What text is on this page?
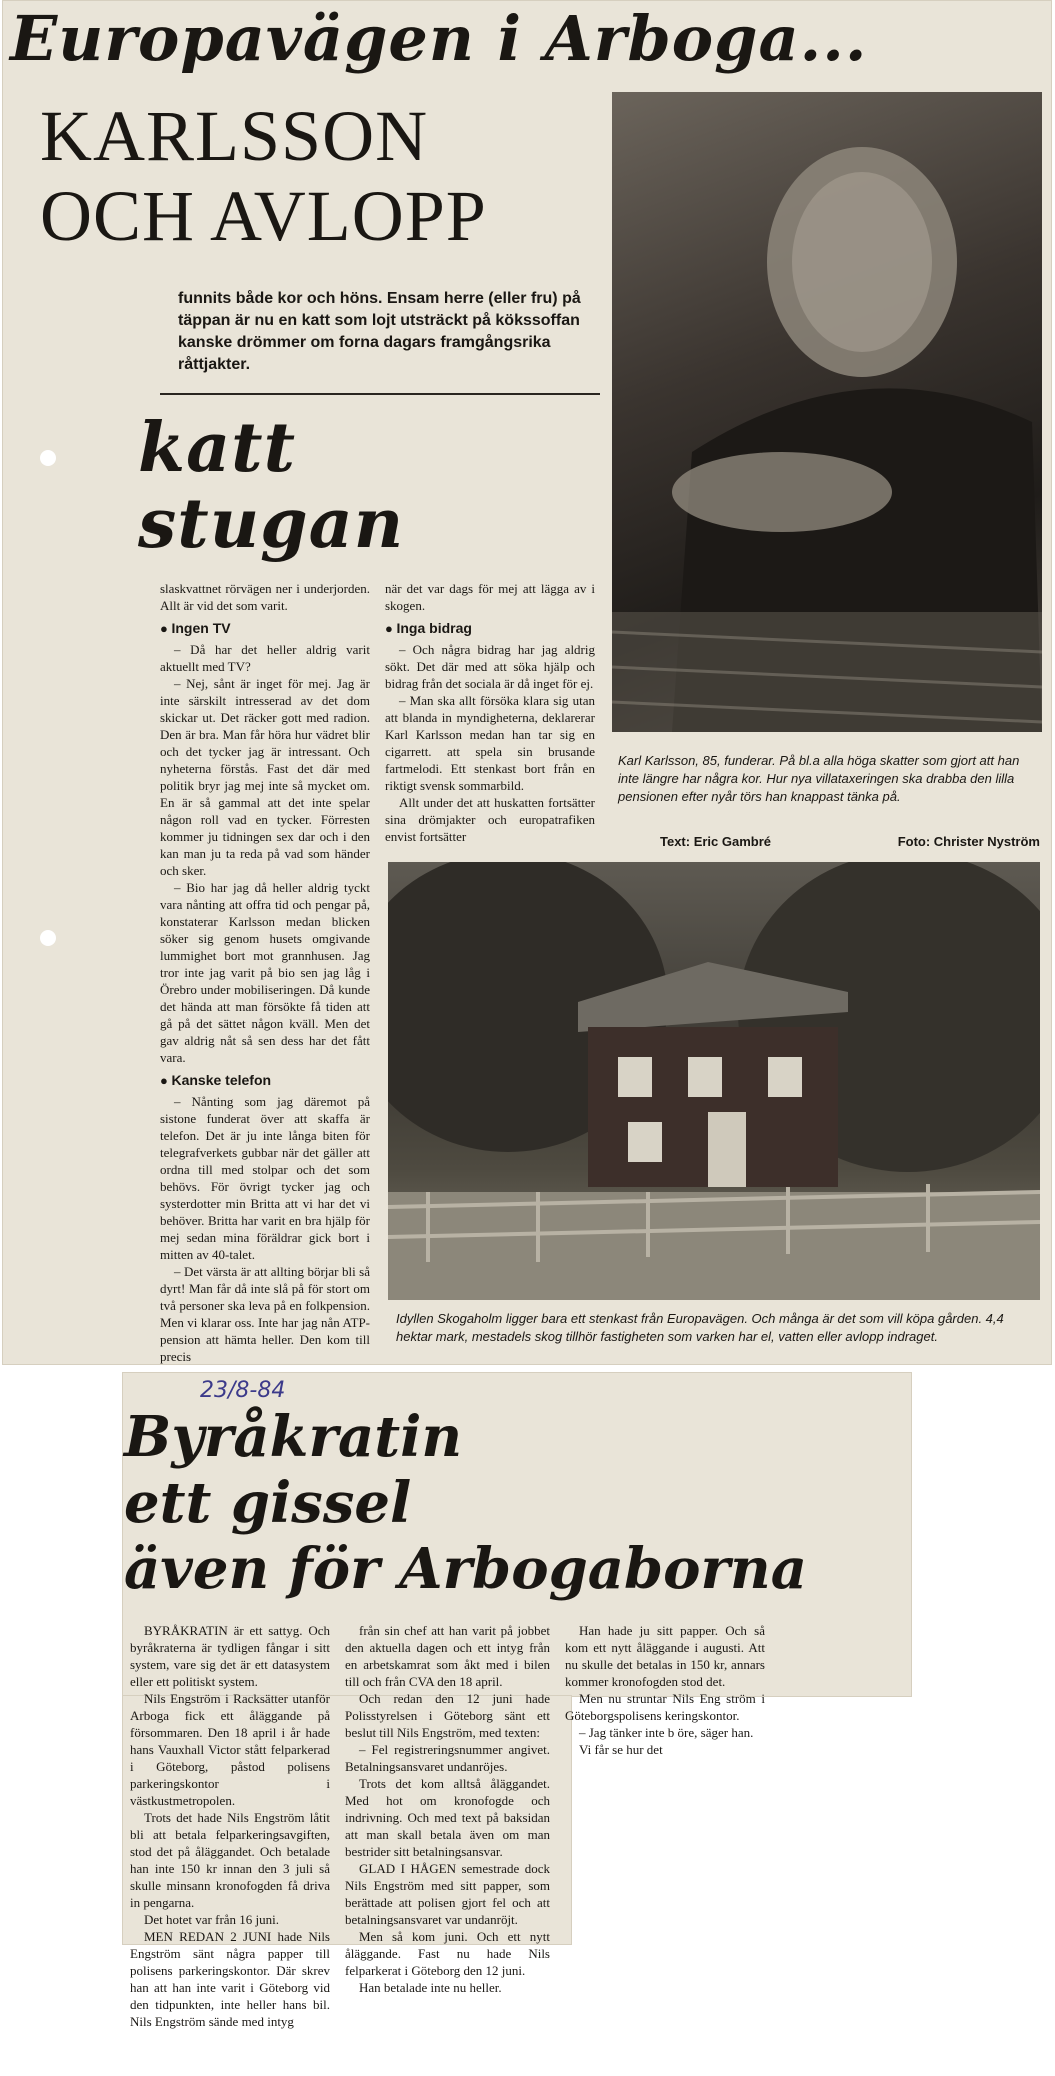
Europavägen i Arboga...
KARLSSON
OCH AVLOPP
funnits både kor och höns. Ensam herre (eller fru) på täppan är nu en katt som lojt utsträckt på kökssoffan kanske drömmer om forna dagars framgångsrika råttjakter.
katt
stugan
Karl Karlsson, 85, funderar. På bl.a alla höga skatter som gjort att han inte längre har några kor. Hur nya villataxeringen ska drabba den lilla pensionen efter nyår törs han knappast tänka på.
Text: Eric Gambré	Foto: Christer Nyström

slaskvattnet rörvägen ner i underjorden. Allt är vid det som varit.

● Ingen TV

– Då har det heller aldrig varit aktuellt med TV?

– Nej, sånt är inget för mej. Jag är inte särskilt intresserad av det dom skickar ut. Det räcker gott med radion. Den är bra. Man får höra hur vädret blir och det tycker jag är intressant. Och nyheterna förstås. Fast det där med politik bryr jag mej inte så mycket om. En är så gammal att det inte spelar någon roll vad en tycker. Förresten kommer ju tidningen sex dar och i den kan man ju ta reda på vad som händer och sker.

– Bio har jag då heller aldrig tyckt vara nånting att offra tid och pengar på, konstaterar Karlsson medan blicken söker sig genom husets omgivande lummighet bort mot grannhusen. Jag tror inte jag varit på bio sen jag låg i Örebro under mobiliseringen. Då kunde det hända att man försökte få tiden att gå på det sättet någon kväll. Men det gav aldrig nåt så sen dess har det fått vara.

● Kanske telefon

– Nånting som jag däremot på sistone funderat över att skaffa är telefon. Det är ju inte långa biten för telegrafverkets gubbar när det gäller att ordna till med stolpar och det som behövs. För övrigt tycker jag och systerdotter min Britta att vi har det vi behöver. Britta har varit en bra hjälp för mej sedan mina föräldrar gick bort i mitten av 40-talet.

– Det värsta är att allting börjar bli så dyrt! Man får då inte slå på för stort om två personer ska leva på en folkpension. Men vi klarar oss. Inte har jag nån ATP-pension att hämta heller. Den kom till precis

när det var dags för mej att lägga av i skogen.

● Inga bidrag

– Och några bidrag har jag aldrig sökt. Det där med att söka hjälp och bidrag från det sociala är då inget för ej.

– Man ska allt försöka klara sig utan att blanda in myndigheterna, deklarerar Karl Karlsson medan han tar sig en cigarrett. att spela sin brusande fartmelodi. Ett stenkast bort från en riktigt svensk sommarbild.

Allt under det att huskatten fortsätter sina drömjakter och europatrafiken envist fortsätter

Idyllen Skogaholm ligger bara ett stenkast från Europavägen. Och många är det som vill köpa gården. 4,4 hektar mark, mestadels skog tillhör fastigheten som varken har el, vatten eller avlopp indraget.
23/8-84
Byråkratin
ett gissel
även för Arbogaborna

BYRÅKRATIN är ett sattyg. Och byråkraterna är tydligen fångar i sitt system, vare sig det är ett datasystem eller ett politiskt system.

Nils Engström i Racksätter utanför Arboga fick ett åläggande på försommaren. Den 18 april i år hade hans Vauxhall Victor stått felparkerad i Göteborg, påstod polisens parkeringskontor i västkustmetropolen.

Trots det hade Nils Engström låtit bli att betala felparkeringsavgiften, stod det på åläggandet. Och betalade han inte 150 kr innan den 3 juli så skulle minsann kronofogden få driva in pengarna.

Det hotet var från 16 juni.

MEN REDAN 2 JUNI hade Nils Engström sänt några papper till polisens parkeringskontor. Där skrev han att han inte varit i Göteborg vid den tidpunkten, inte heller hans bil. Nils Engström sände med intyg

från sin chef att han varit på jobbet den aktuella dagen och ett intyg från en arbetskamrat som åkt med i bilen till och från CVA den 18 april.

Och redan den 12 juni hade Polisstyrelsen i Göteborg sänt ett beslut till Nils Engström, med texten:

– Fel registreringsnummer angivet. Betalningsansvaret undanröjes.

Trots det kom alltså åläggandet. Med hot om kronofogde och indrivning. Och med text på baksidan att man skall betala även om man bestrider sitt betalningsansvar.

GLAD I HÅGEN semestrade dock Nils Engström med sitt papper, som berättade att polisen gjort fel och att betalningsansvaret var undanröjt.

Men så kom juni. Och ett nytt åläggande. Fast nu hade Nils felparkerat i Göteborg den 12 juni.

Han betalade inte nu heller.

Han hade ju sitt papper. Och så kom ett nytt åläggande i augusti. Att nu skulle det betalas in 150 kr, annars kommer kronofogden stod det.

Men nu struntar Nils Eng ström i Göteborgspolisens keringskontor.

– Jag tänker inte b öre, säger han.

Vi får se hur det
